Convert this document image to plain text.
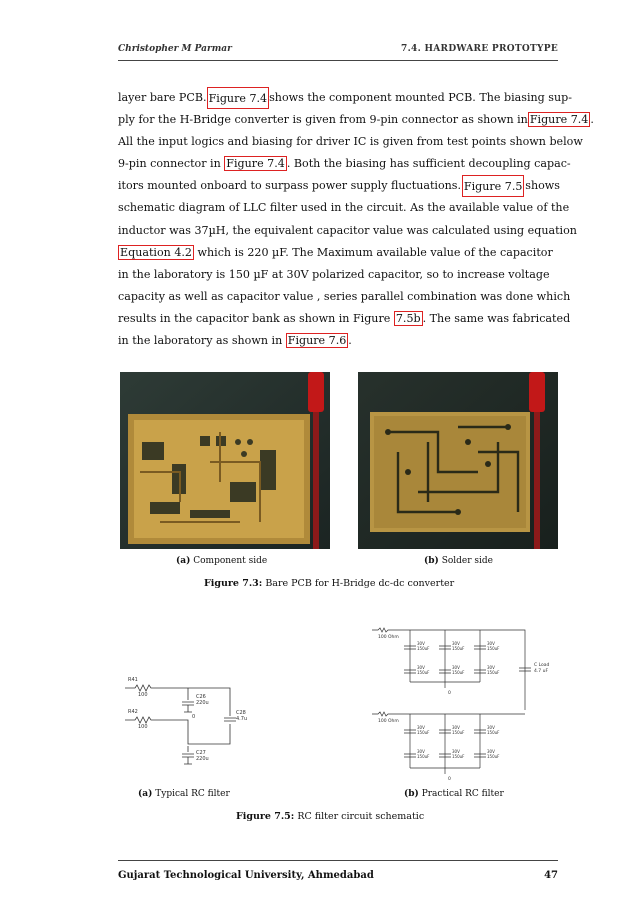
Christopher M Parmar	7.4. HARDWARE PROTOTYPE
layer bare PCB. Figure 7.4 shows the component mounted PCB. The biasing sup-
ply for the H-Bridge converter is given from 9-pin connector as shown in Figure 7.4 .
All the input logics and biasing for driver IC is given from test points shown below
9-pin connector in Figure 7.4 . Both the biasing has sufficient decoupling capac-
itors mounted onboard to surpass power supply fluctuations. Figure 7.5 shows
schematic diagram of LLC filter used in the circuit. As the available value of the
inductor was 37µH, the equivalent capacitor value was calculated using equation
Equation 4.2 which is 220 µF. The Maximum available value of the capacitor
in the laboratory is 150 µF at 30V polarized capacitor, so to increase voltage
capacity as well as capacitor value , series parallel combination was done which
results in the capacitor bank as shown in Figure 7.5b . The same was fabricated
in the laboratory as shown in Figure 7.6 .
(a) Component side	(b) Solder side
Figure 7.3: Bare PCB for H-Bridge dc-dc converter
R41
100
R42
100
C26
220u
C28
4.7u
C27
220u
0
100 Ohm
100 Ohm
C Load
4.7 uF
0
0
30V
150uF
30V
150uF
30V
150uF
30V
150uF
30V
150uF
30V
150uF
30V
150uF
30V
150uF
30V
150uF
30V
150uF
30V
150uF
30V
150uF
(a) Typical RC filter	(b) Practical RC filter
Figure 7.5: RC filter circuit schematic
Gujarat Technological University, Ahmedabad	47
